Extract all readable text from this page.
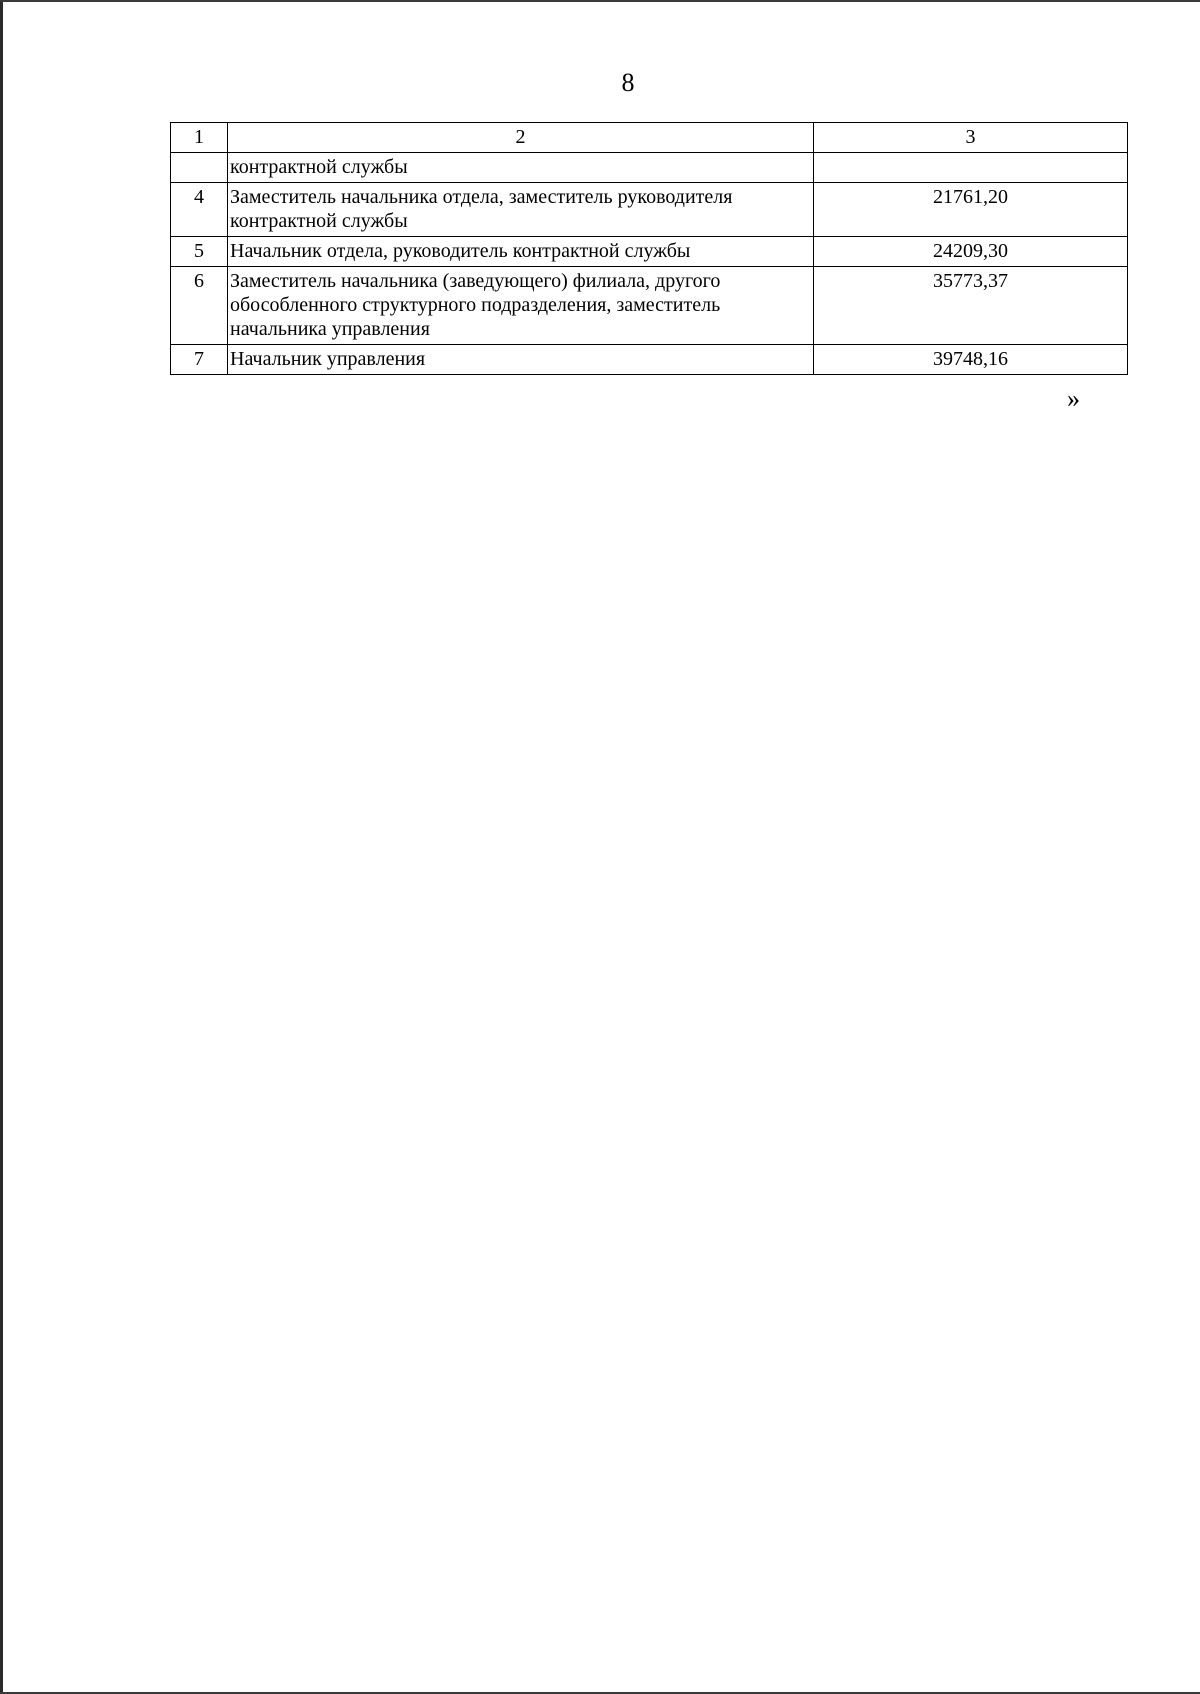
8
1	2	3
	контрактной службы	
4	Заместитель начальника отдела, заместитель руководителя контрактной службы	21761,20
5	Начальник отдела, руководитель контрактной службы	24209,30
6	Заместитель начальника (заведующего) филиала, другого обособленного структурного подразделения, заместитель начальника управления	35773,37
7	Начальник управления	39748,16
»
